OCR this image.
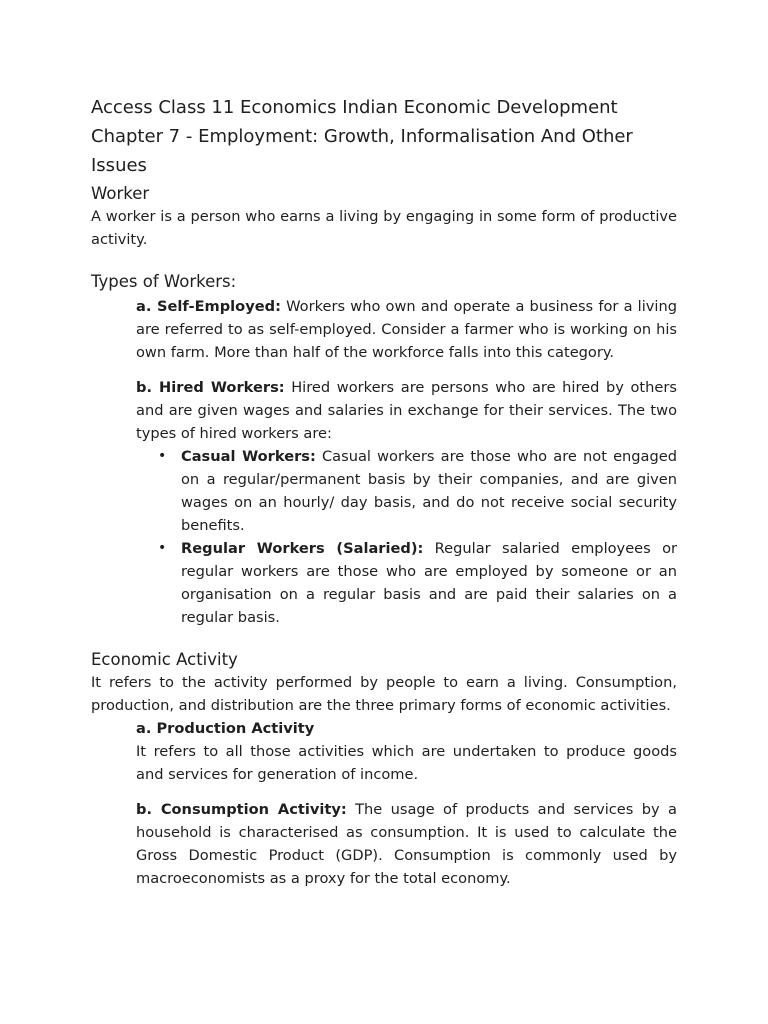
Access Class 11 Economics Indian Economic Development Chapter 7 - Employment: Growth, Informalisation And Other Issues
Worker

A worker is a person who earns a living by engaging in some form of productive activity.

Types of Workers:

a. Self-Employed: Workers who own and operate a business for a living are referred to as self-employed. Consider a farmer who is working on his own farm. More than half of the workforce falls into this category.

b. Hired Workers: Hired workers are persons who are hired by others and are given wages and salaries in exchange for their services. The two types of hired workers are:

• Casual Workers: Casual workers are those who are not engaged on a regular/permanent basis by their companies, and are given wages on an hourly/ day basis, and do not receive social security benefits.
• Regular Workers (Salaried): Regular salaried employees or regular workers are those who are employed by someone or an organisation on a regular basis and are paid their salaries on a regular basis.
Economic Activity

It refers to the activity performed by people to earn a living. Consumption, production, and distribution are the three primary forms of economic activities.

a. Production Activity

It refers to all those activities which are undertaken to produce goods and services for generation of income.

b. Consumption Activity: The usage of products and services by a household is characterised as consumption. It is used to calculate the Gross Domestic Product (GDP). Consumption is commonly used by macroeconomists as a proxy for the total economy.
